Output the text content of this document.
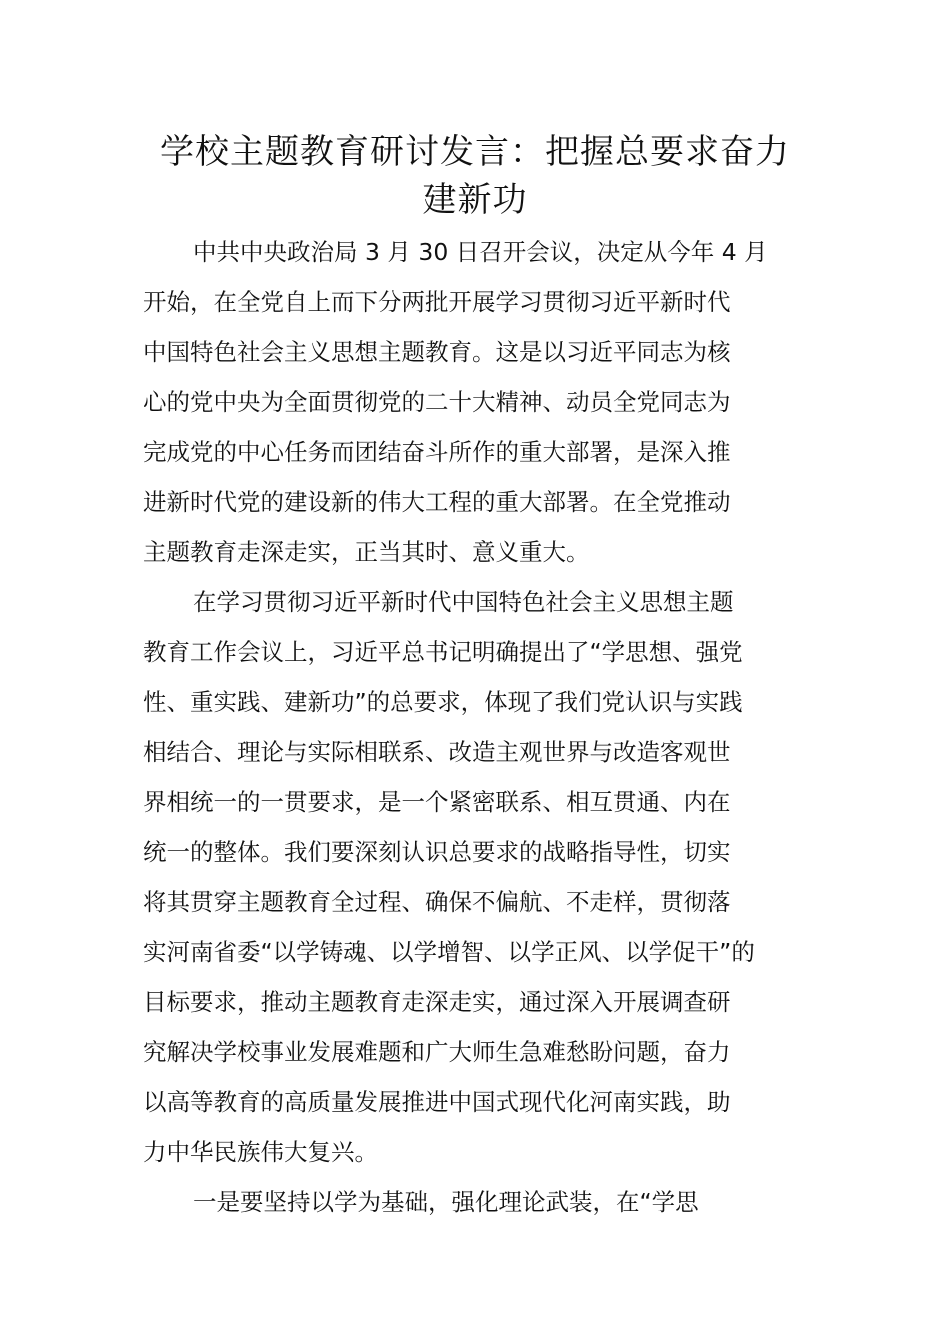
学校主题教育研讨发言：把握总要求奋力
建新功

中共中央政治局 3 月 30 日召开会议，决定从今年 4 月
开始，在全党自上而下分两批开展学习贯彻习近平新时代
中国特色社会主义思想主题教育。这是以习近平同志为核
心的党中央为全面贯彻党的二十大精神、动员全党同志为
完成党的中心任务而团结奋斗所作的重大部署，是深入推
进新时代党的建设新的伟大工程的重大部署。在全党推动
主题教育走深走实，正当其时、意义重大。

在学习贯彻习近平新时代中国特色社会主义思想主题
教育工作会议上，习近平总书记明确提出了“学思想、强党
性、重实践、建新功”的总要求，体现了我们党认识与实践
相结合、理论与实际相联系、改造主观世界与改造客观世
界相统一的一贯要求，是一个紧密联系、相互贯通、内在
统一的整体。我们要深刻认识总要求的战略指导性，切实
将其贯穿主题教育全过程、确保不偏航、不走样，贯彻落
实河南省委“以学铸魂、以学增智、以学正风、以学促干”的
目标要求，推动主题教育走深走实，通过深入开展调查研
究解决学校事业发展难题和广大师生急难愁盼问题，奋力
以高等教育的高质量发展推进中国式现代化河南实践，助
力中华民族伟大复兴。

一是要坚持以学为基础，强化理论武装，在“学思
